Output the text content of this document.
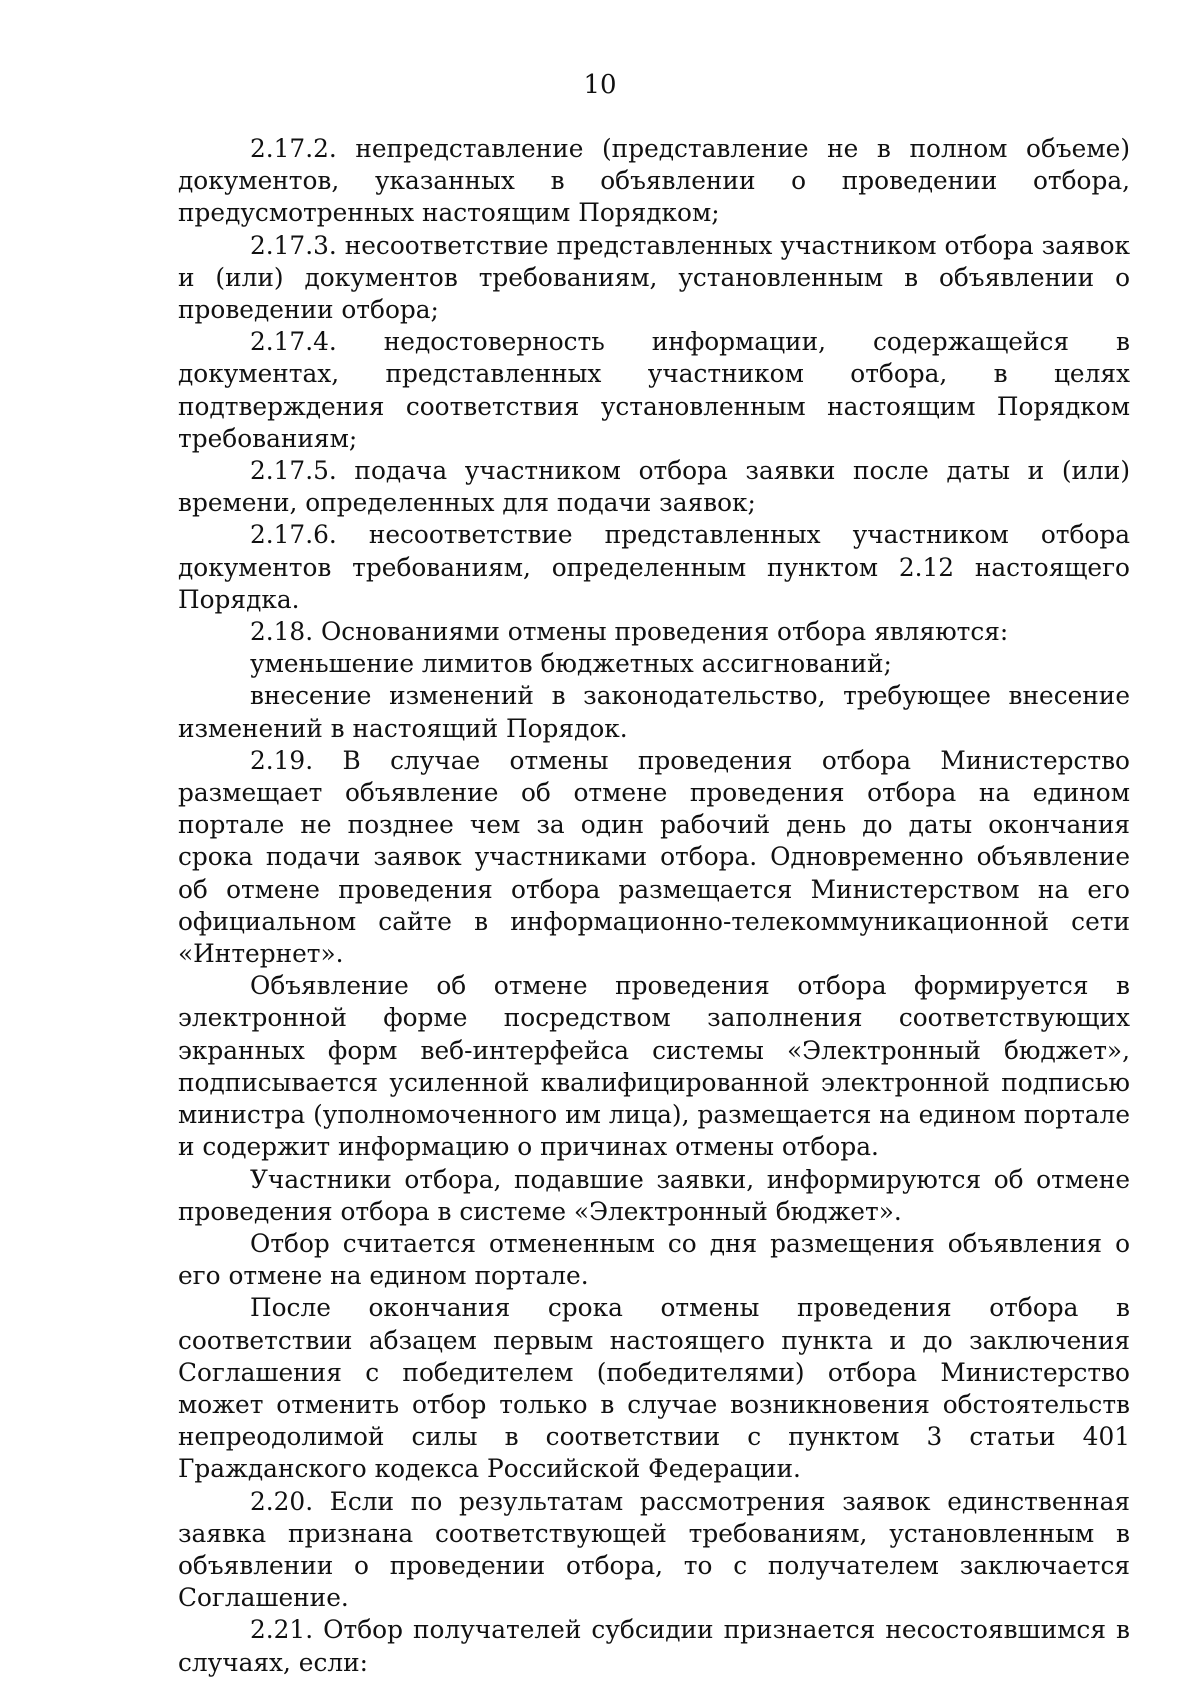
10

2.17.2. непредставление (представление не в полном объеме) документов, указанных в объявлении о проведении отбора, предусмотренных настоящим Порядком;

2.17.3. несоответствие представленных участником отбора заявок и (или) документов требованиям, установленным в объявлении о проведении отбора;

2.17.4. недостоверность информации, содержащейся в документах, представленных участником отбора, в целях подтверждения соответствия установленным настоящим Порядком требованиям;

2.17.5. подача участником отбора заявки после даты и (или) времени, определенных для подачи заявок;

2.17.6. несоответствие представленных участником отбора документов требованиям, определенным пунктом 2.12 настоящего Порядка.

2.18. Основаниями отмены проведения отбора являются:

уменьшение лимитов бюджетных ассигнований;

внесение изменений в законодательство, требующее внесение изменений в настоящий Порядок.

2.19. В случае отмены проведения отбора Министерство размещает объявление об отмене проведения отбора на едином портале не позднее чем за один рабочий день до даты окончания срока подачи заявок участниками отбора. Одновременно объявление об отмене проведения отбора размещается Министерством на его официальном сайте в информационно-телекоммуникационной сети «Интернет».

Объявление об отмене проведения отбора формируется в электронной форме посредством заполнения соответствующих экранных форм веб-интерфейса системы «Электронный бюджет», подписывается усиленной квалифицированной электронной подписью министра (уполномоченного им лица), размещается на едином портале и содержит информацию о причинах отмены отбора.

Участники отбора, подавшие заявки, информируются об отмене проведения отбора в системе «Электронный бюджет».

Отбор считается отмененным со дня размещения объявления о его отмене на едином портале.

После окончания срока отмены проведения отбора в соответствии абзацем первым настоящего пункта и до заключения Соглашения с победителем (победителями) отбора Министерство может отменить отбор только в случае возникновения обстоятельств непреодолимой силы в соответствии с пунктом 3 статьи 401 Гражданского кодекса Российской Федерации.

2.20. Если по результатам рассмотрения заявок единственная заявка признана соответствующей требованиям, установленным в объявлении о проведении отбора, то с получателем заключается Соглашение.

2.21. Отбор получателей субсидии признается несостоявшимся в случаях, если:
